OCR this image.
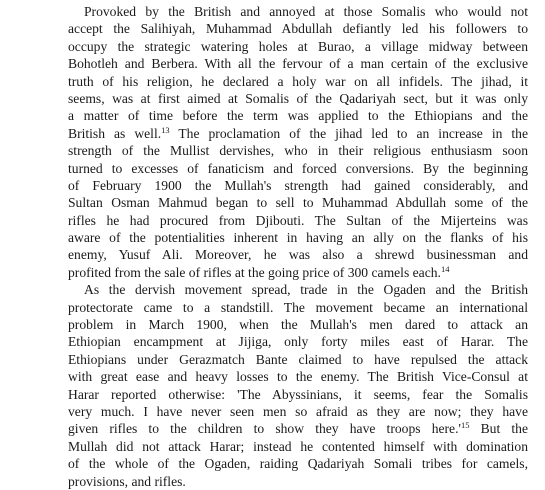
Provoked by the British and annoyed at those Somalis who would not
accept the Salihiyah, Muhammad Abdullah defiantly led his followers to
occupy the strategic watering holes at Burao, a village midway between
Bohotleh and Berbera. With all the fervour of a man certain of the exclusive
truth of his religion, he declared a holy war on all infidels. The jihad, it
seems, was at first aimed at Somalis of the Qadariyah sect, but it was only
a matter of time before the term was applied to the Ethiopians and the
British as well.$^{13}$ The proclamation of the jihad led to an increase in the
strength of the Mullist dervishes, who in their religious enthusiasm soon
turned to excesses of fanaticism and forced conversions. By the beginning
of February 1900 the Mullah's strength had gained considerably, and
Sultan Osman Mahmud began to sell to Muhammad Abdullah some of the
rifles he had procured from Djibouti. The Sultan of the Mijerteins was
aware of the potentialities inherent in having an ally on the flanks of his
enemy, Yusuf Ali. Moreover, he was also a shrewd businessman and
profited from the sale of rifles at the going price of 300 camels each.$^{14}$
As the dervish movement spread, trade in the Ogaden and the British
protectorate came to a standstill. The movement became an international
problem in March 1900, when the Mullah's men dared to attack an
Ethiopian encampment at Jijiga, only forty miles east of Harar. The
Ethiopians under Gerazmatch Bante claimed to have repulsed the attack
with great ease and heavy losses to the enemy. The British Vice-Consul at
Harar reported otherwise: 'The Abyssinians, it seems, fear the Somalis
very much. I have never seen men so afraid as they are now; they have
given rifles to the children to show they have troops here.'$^{15}$ But the
Mullah did not attack Harar; instead he contented himself with domination
of the whole of the Ogaden, raiding Qadariyah Somali tribes for camels,
provisions, and rifles.
